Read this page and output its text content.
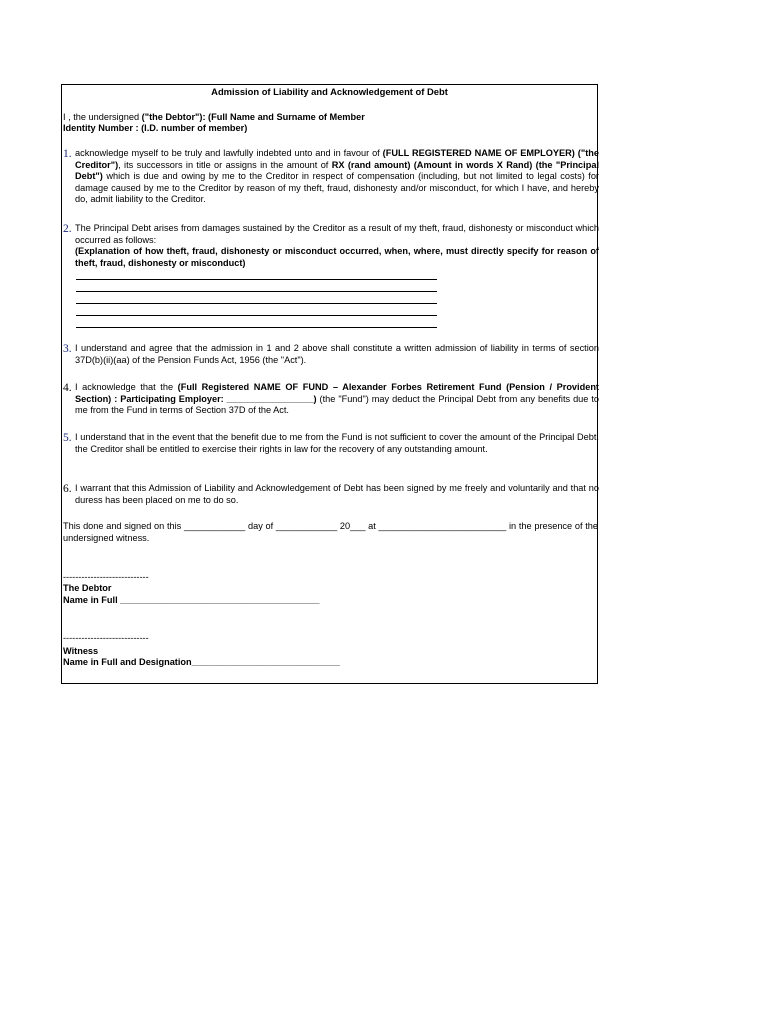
Admission of Liability and Acknowledgement of Debt
I , the undersigned ("the Debtor"): (Full Name and Surname of Member
Identity Number : (I.D. number of member)
1. acknowledge myself to be truly and lawfully indebted unto and in favour of (FULL REGISTERED NAME OF EMPLOYER) ("the Creditor"), its successors in title or assigns in the amount of RX (rand amount) (Amount in words X Rand) (the "Principal Debt") which is due and owing by me to the Creditor in respect of compensation (including, but not limited to legal costs) for damage caused by me to the Creditor by reason of my theft, fraud, dishonesty and/or misconduct, for which I have, and hereby do, admit liability to the Creditor.
2. The Principal Debt arises from damages sustained by the Creditor as a result of my theft, fraud, dishonesty or misconduct which occurred as follows:
(Explanation of how theft, fraud, dishonesty or misconduct occurred, when, where, must directly specify for reason of theft, fraud, dishonesty or misconduct)
3. I understand and agree that the admission in 1 and 2 above shall constitute a written admission of liability in terms of section 37D(b)(ii)(aa) of the Pension Funds Act, 1956 (the "Act").
4. I acknowledge that the (Full Registered NAME OF FUND – Alexander Forbes Retirement Fund (Pension / Provident Section) : Participating Employer: _________________) (the "Fund") may deduct the Principal Debt from any benefits due to me from the Fund in terms of Section 37D of the Act.
5. I understand that in the event that the benefit due to me from the Fund is not sufficient to cover the amount of the Principal Debt, the Creditor shall be entitled to exercise their rights in law for the recovery of any outstanding amount.
6. I warrant that this Admission of Liability and Acknowledgement of Debt has been signed by me freely and voluntarily and that no duress has been placed on me to do so.
This done and signed on this ____________ day of ____________ 20___ at _________________________ in the presence of the undersigned witness.
----------------------------
The Debtor
Name in Full _______________________________________
----------------------------
Witness
Name in Full and Designation_____________________________
